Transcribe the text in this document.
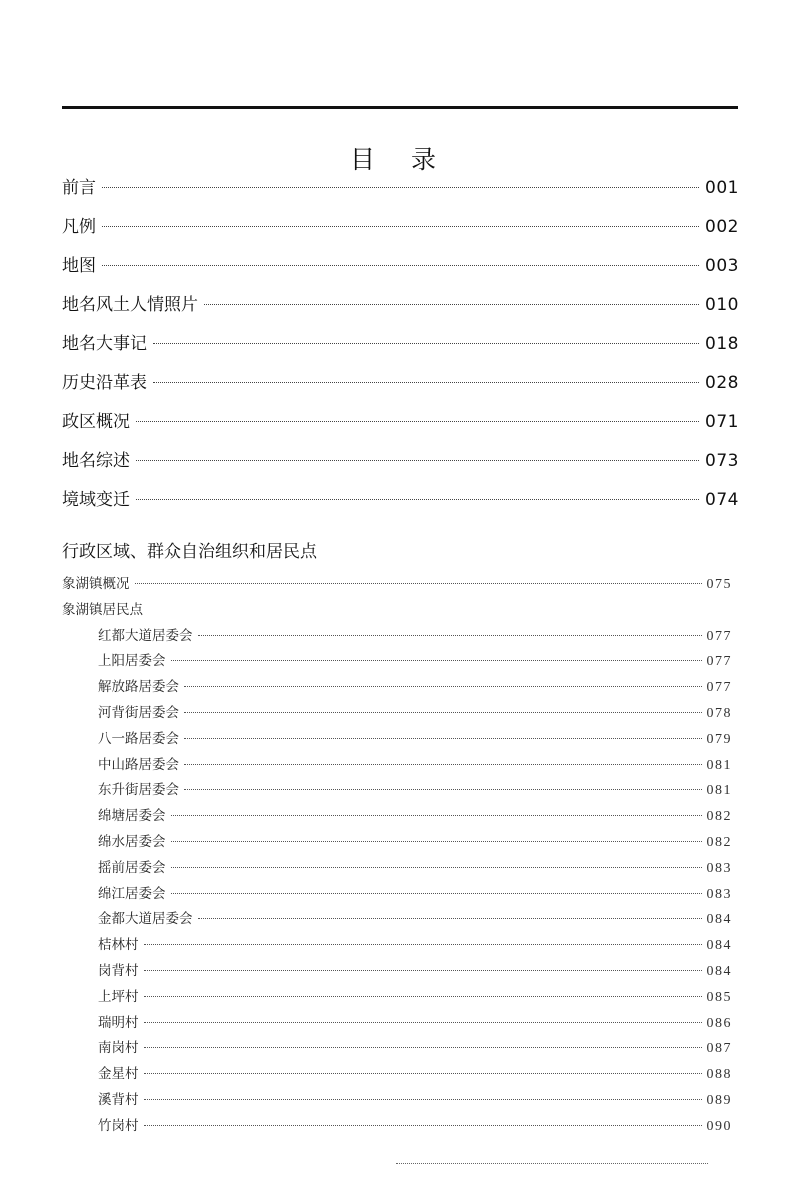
目 录
前言	001
凡例	002
地图	003
地名风土人情照片	010
地名大事记	018
历史沿革表	028
政区概况	071
地名综述	073
境域变迁	074
行政区域、群众自治组织和居民点
象湖镇概况	075
象湖镇居民点
红都大道居委会	077
上阳居委会	077
解放路居委会	077
河背街居委会	078
八一路居委会	079
中山路居委会	081
东升街居委会	081
绵塘居委会	082
绵水居委会	082
摇前居委会	083
绵江居委会	083
金都大道居委会	084
桔林村	084
岗背村	084
上坪村	085
瑞明村	086
南岗村	087
金星村	088
溪背村	089
竹岗村	090
